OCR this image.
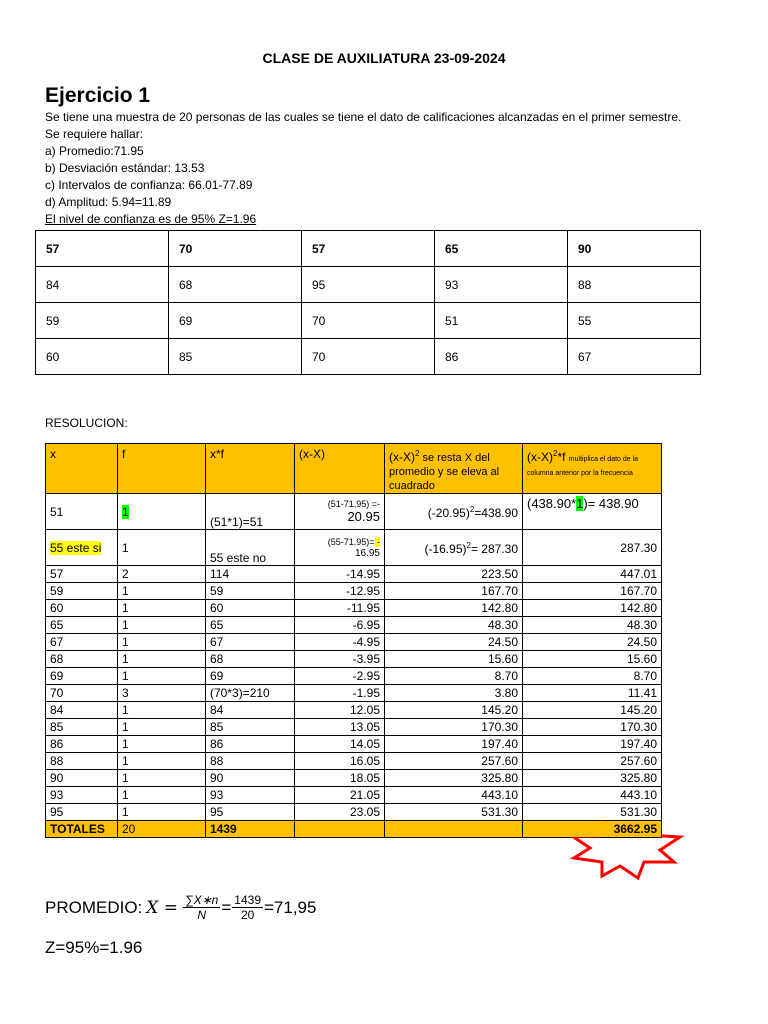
CLASE DE AUXILIATURA 23-09-2024
Ejercicio 1
Se tiene una muestra de 20 personas de las cuales se tiene el dato de calificaciones alcanzadas en el primer semestre.
Se requiere hallar:
a) Promedio:71.95
b) Desviación estándar: 13.53
c) Intervalos de confianza: 66.01-77.89
d) Amplitud: 5.94=11.89
El nivel de confianza es de 95% Z=1.96
57	70	57	65	90
84	68	95	93	88
59	69	70	51	55
60	85	70	86	67
RESOLUCION:
x	f	x*f	(x-X)	$(x-X)^2$ se resta X del promedio y se eleva al cuadrado	$(x-X)^2*f$ multiplica el dato de la columna anterior por la frecuencia
51	1	(51*1)=51	(51-71,95) =-
20.95	$(-20.95)^2=438.90$	(438.90*1)= 438.90
55 este si	1	55 este no	(55-71.95)= -
16.95	$(-16.95)^2= 287.30$	287.30
57	2	114	-14.95	223.50	447.01
59	1	59	-12.95	167.70	167.70
60	1	60	-11.95	142.80	142.80
65	1	65	-6.95	48.30	48.30
67	1	67	-4.95	24.50	24.50
68	1	68	-3.95	15.60	15.60
69	1	69	-2.95	8.70	8.70
70	3	(70*3)=210	-1.95	3.80	11.41
84	1	84	12.05	145.20	145.20
85	1	85	13.05	170.30	170.30
86	1	86	14.05	197.40	197.40
88	1	88	16.05	257.60	257.60
90	1	90	18.05	325.80	325.80
93	1	93	21.05	443.10	443.10
95	1	95	23.05	531.30	531.30
TOTALES	20	1439			3662.95
PROMEDIO: $X = \frac{\sum X∗n}{N} = \frac{1439}{20} =71,95$
Z=95%=1.96
